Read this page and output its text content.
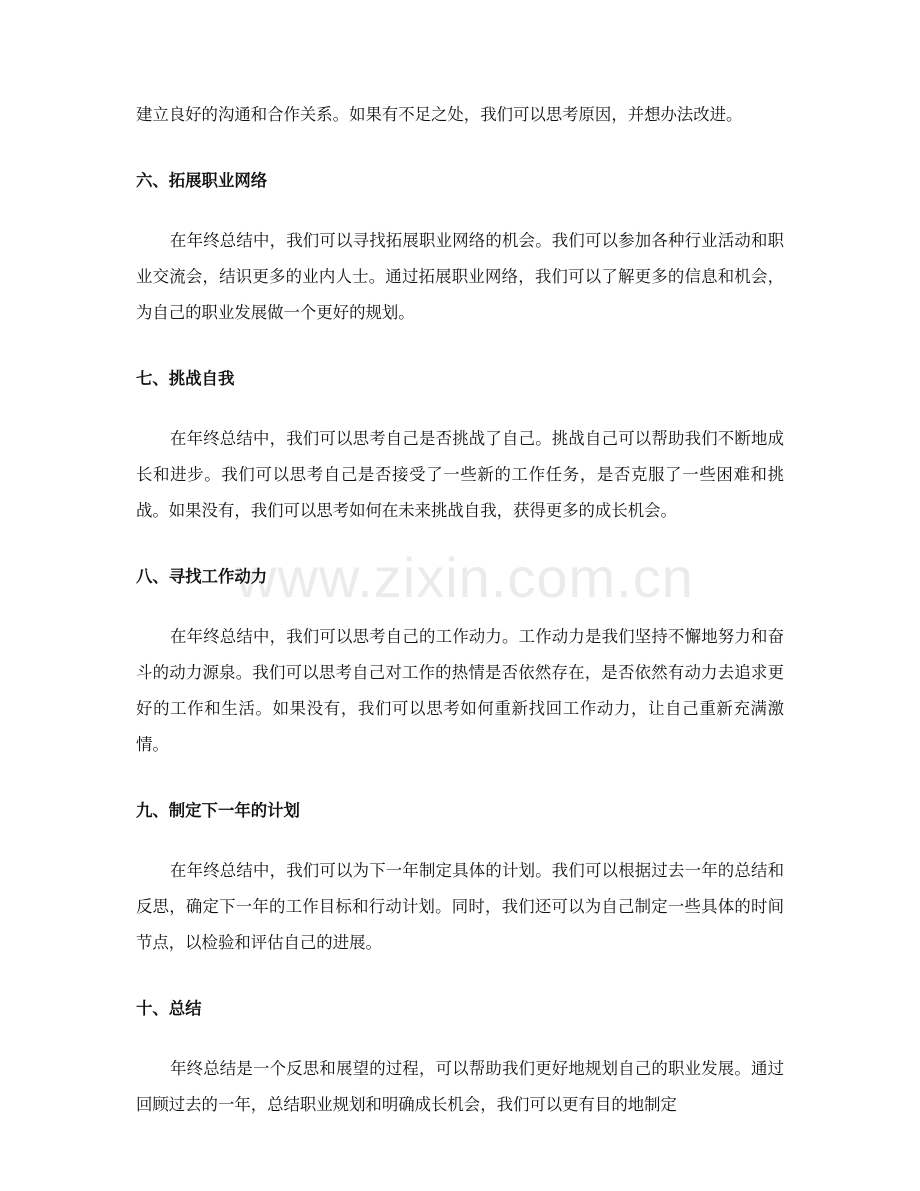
建立良好的沟通和合作关系。如果有不足之处，我们可以思考原因，并想办法改进。

六、拓展职业网络

在年终总结中，我们可以寻找拓展职业网络的机会。我们可以参加各种行业活动和职业交流会，结识更多的业内人士。通过拓展职业网络，我们可以了解更多的信息和机会，为自己的职业发展做一个更好的规划。

七、挑战自我

在年终总结中，我们可以思考自己是否挑战了自己。挑战自己可以帮助我们不断地成长和进步。我们可以思考自己是否接受了一些新的工作任务，是否克服了一些困难和挑战。如果没有，我们可以思考如何在未来挑战自我，获得更多的成长机会。

八、寻找工作动力

在年终总结中，我们可以思考自己的工作动力。工作动力是我们坚持不懈地努力和奋斗的动力源泉。我们可以思考自己对工作的热情是否依然存在，是否依然有动力去追求更好的工作和生活。如果没有，我们可以思考如何重新找回工作动力，让自己重新充满激情。

九、制定下一年的计划

在年终总结中，我们可以为下一年制定具体的计划。我们可以根据过去一年的总结和反思，确定下一年的工作目标和行动计划。同时，我们还可以为自己制定一些具体的时间节点，以检验和评估自己的进展。

十、总结

年终总结是一个反思和展望的过程，可以帮助我们更好地规划自己的职业发展。通过回顾过去的一年，总结职业规划和明确成长机会，我们可以更有目的地制定

www.zixin.com.cn
